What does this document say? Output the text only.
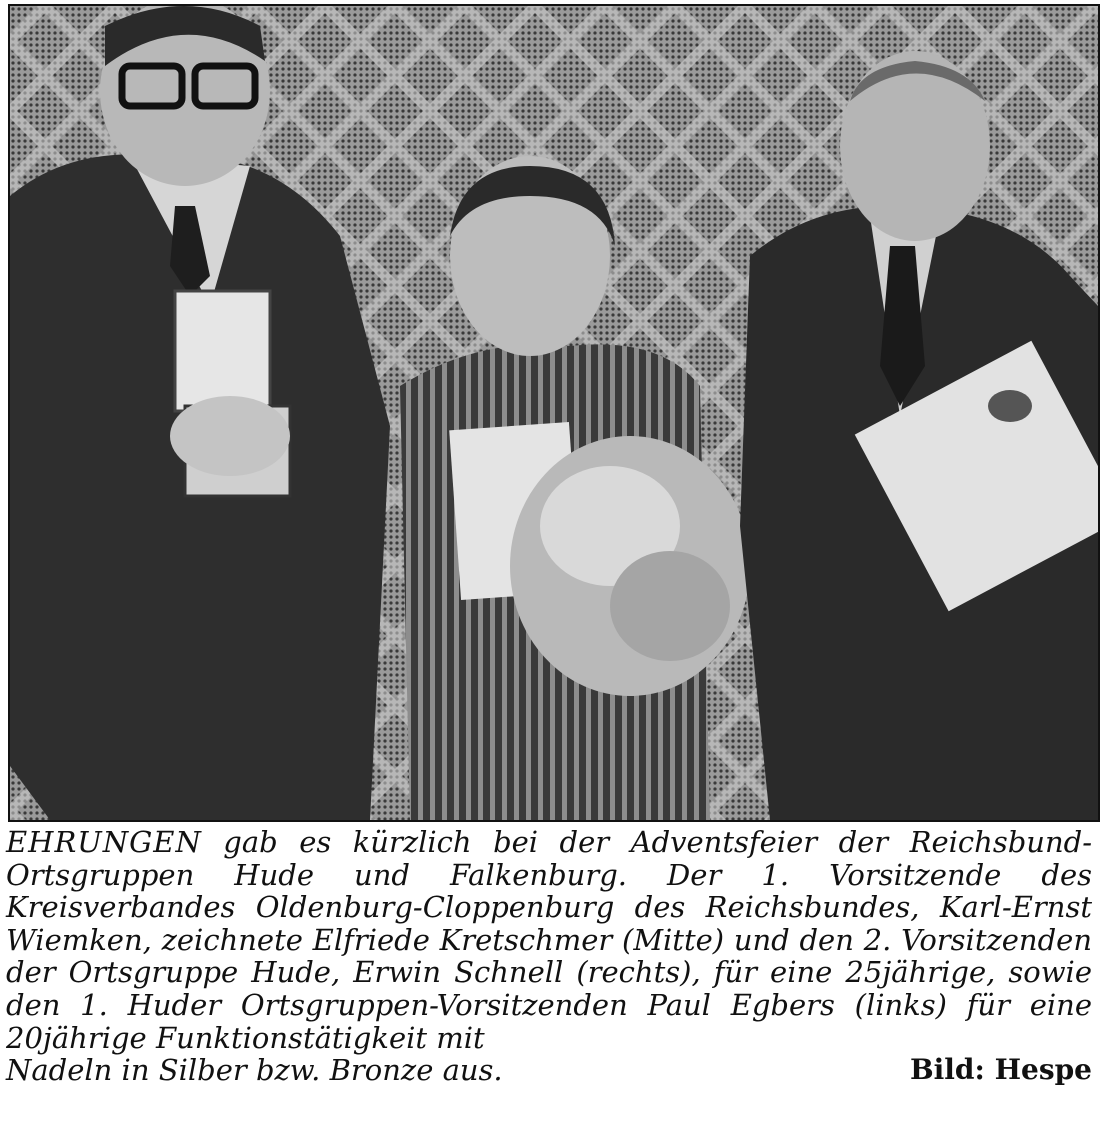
EHRUNGEN gab es kürzlich bei der Adventsfeier der Reichsbund-Ortsgruppen Hude und Falkenburg. Der 1. Vorsitzende des Kreisverbandes Oldenburg-Cloppenburg des Reichsbundes, Karl-Ernst Wiemken, zeichnete Elfriede Kretschmer (Mitte) und den 2. Vorsitzenden der Ortsgruppe Hude, Erwin Schnell (rechts), für eine 25jährige, sowie den 1. Huder Ortsgruppen-Vorsitzenden Paul Egbers (links) für eine 20jährige Funktionstätigkeit mit
Nadeln in Silber bzw. Bronze aus.	Bild: Hespe
